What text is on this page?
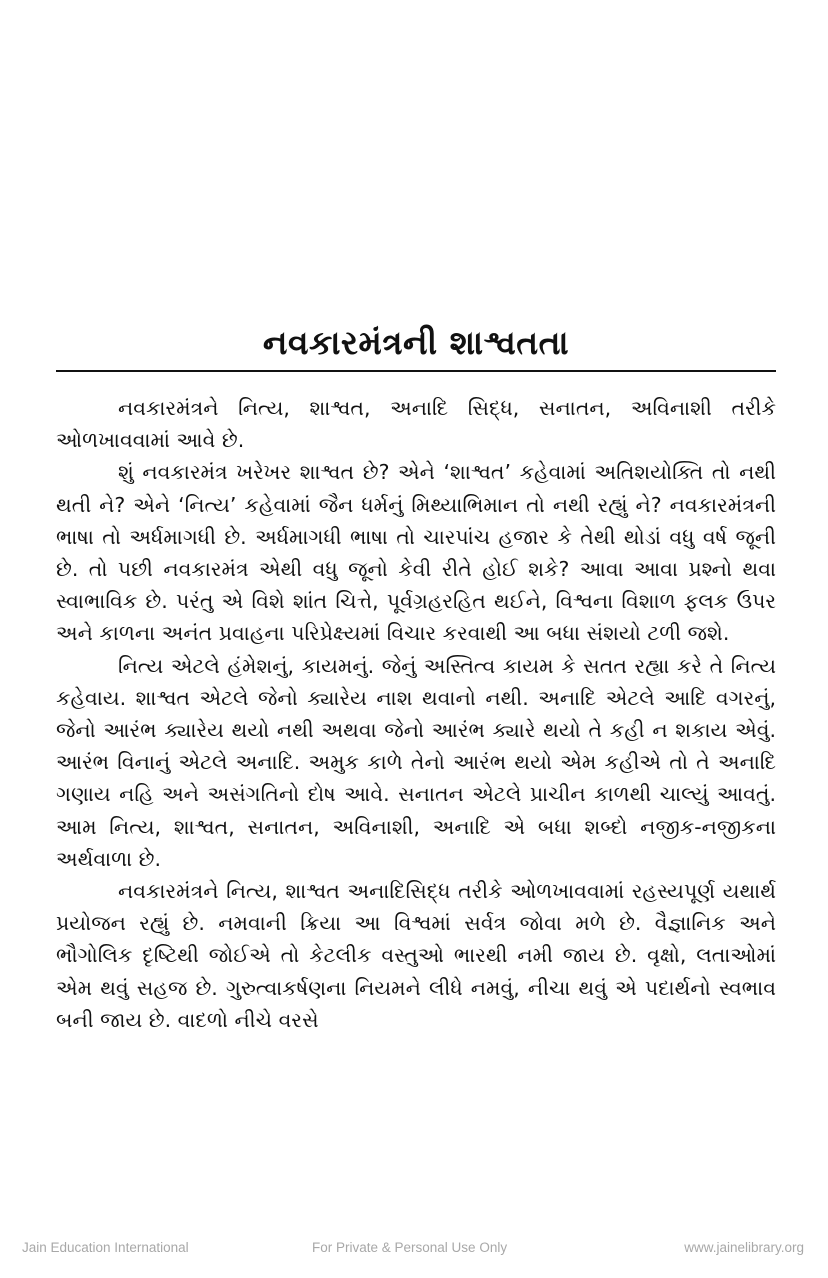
નવકારમંત્રની શાશ્વતતા

નવકારમંત્રને નિત્ય, શાશ્વત, અનાદિ સિદ્ધ, સનાતન, અવિનાશી તરીકે ઓળખાવવામાં આવે છે.

શું નવકારમંત્ર ખરેખર શાશ્વત છે? એને ‘શાશ્વત’ કહેવામાં અતિશયોક્તિ તો નથી થતી ને? એને ‘નિત્ય’ કહેવામાં જૈન ધર્મનું મિથ્યાભિમાન તો નથી રહ્યું ને? નવકારમંત્રની ભાષા તો અર્ધમાગધી છે. અર્ધમાગધી ભાષા તો ચારપાંચ હજાર કે તેથી થોડાં વધુ વર્ષ જૂની છે. તો પછી નવકારમંત્ર એથી વધુ જૂનો કેવી રીતે હોઈ શકે? આવા આવા પ્રશ્નો થવા સ્વાભાવિક છે. પરંતુ એ વિશે શાંત ચિત્તે, પૂર્વગ્રહરહિત થઈને, વિશ્વના વિશાળ ફલક ઉપર અને કાળના અનંત પ્રવાહના પરિપ્રેક્ષ્યમાં વિચાર કરવાથી આ બધા સંશયો ટળી જશે.

નિત્ય એટલે હંમેશનું, કાયમનું. જેનું અસ્તિત્વ કાયમ કે સતત રહ્યા કરે તે નિત્ય કહેવાય. શાશ્વત એટલે જેનો ક્યારેય નાશ થવાનો નથી. અનાદિ એટલે આદિ વગરનું, જેનો આરંભ ક્યારેય થયો નથી અથવા જેનો આરંભ ક્યારે થયો તે કહી ન શકાય એવું. આરંભ વિનાનું એટલે અનાદિ. અમુક કાળે તેનો આરંભ થયો એમ કહીએ તો તે અનાદિ ગણાય નહિ અને અસંગતિનો દોષ આવે. સનાતન એટલે પ્રાચીન કાળથી ચાલ્યું આવતું. આમ નિત્ય, શાશ્વત, સનાતન, અવિનાશી, અનાદિ એ બધા શબ્દો નજીક-નજીકના અર્થવાળા છે.

નવકારમંત્રને નિત્ય, શાશ્વત અનાદિસિદ્ધ તરીકે ઓળખાવવામાં રહસ્યપૂર્ણ યથાર્થ પ્રયોજન રહ્યું છે. નમવાની ક્રિયા આ વિશ્વમાં સર્વત્ર જોવા મળે છે. વૈજ્ઞાનિક અને ભૌગોલિક દૃષ્ટિથી જોઈએ તો કેટલીક વસ્તુઓ ભારથી નમી જાય છે. વૃક્ષો, લતાઓમાં એમ થવું સહજ છે. ગુરુત્વાકર્ષણના નિયમને લીધે નમવું, નીચા થવું એ પદાર્થનો સ્વભાવ બની જાય છે. વાદળો નીચે વરસે

Jain Education International	For Private & Personal Use Only	www.jainelibrary.org
